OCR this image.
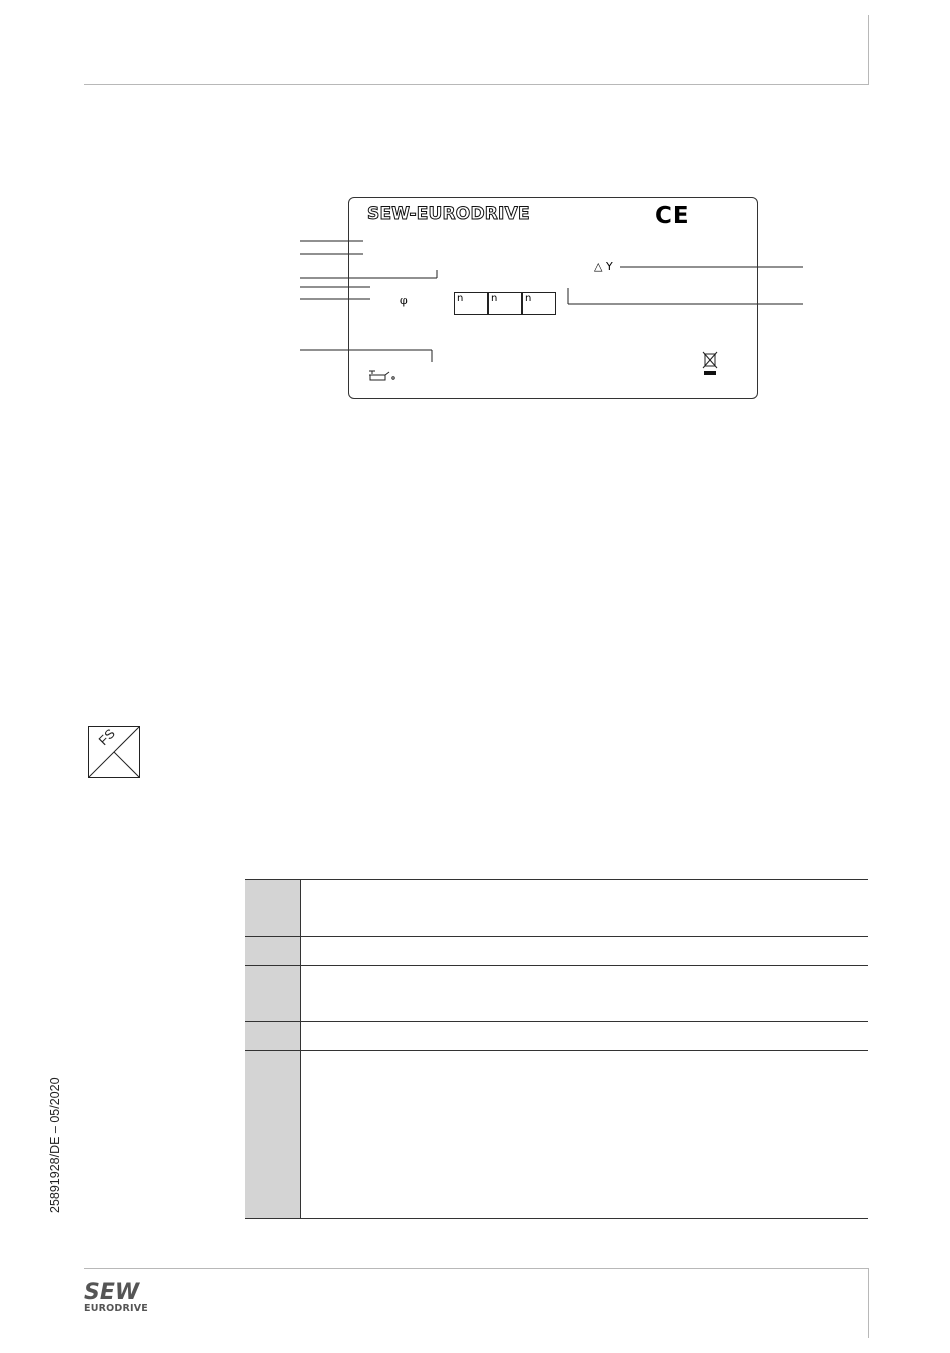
SEW-EURODRIVE	CE
△ Y
φ	n	n	n
FS

25891928/DE – 05/2020
SEW
EURODRIVE
